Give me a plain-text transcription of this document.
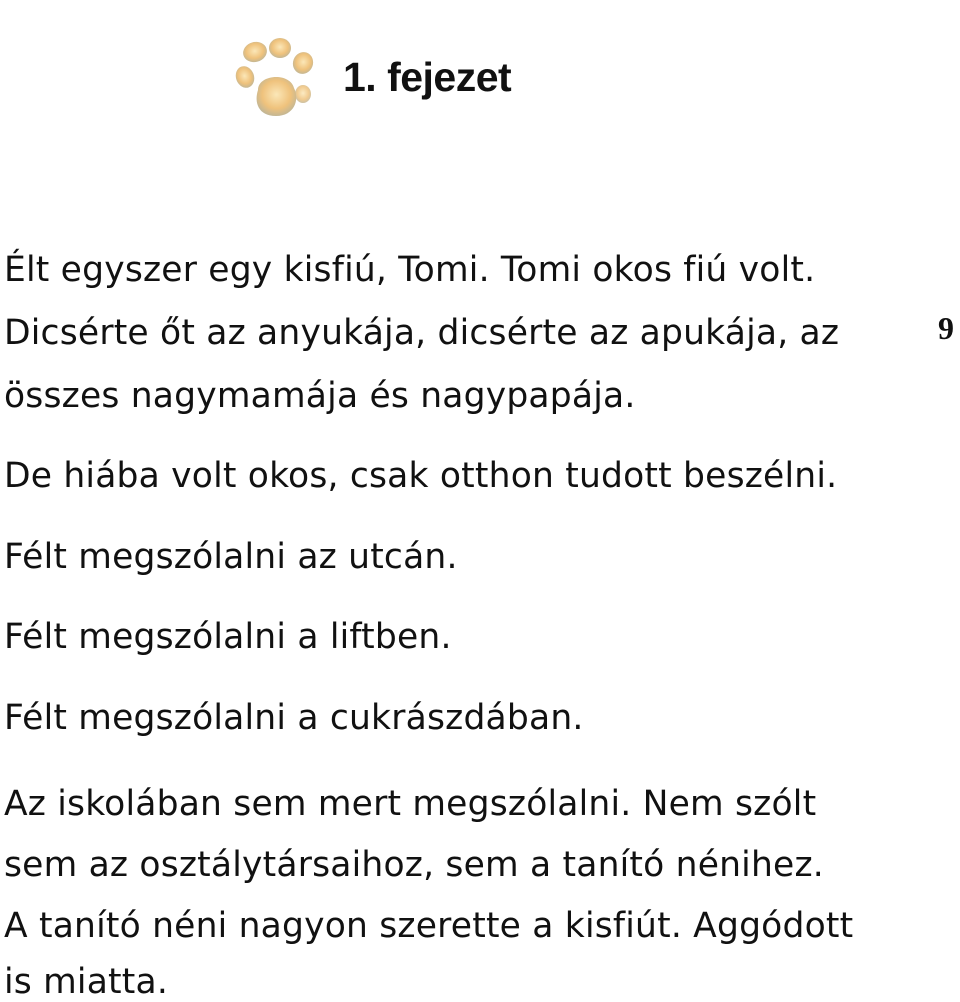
1. fejezet
9
Élt egyszer egy kisfiú, Tomi. Tomi okos fiú volt.
Dicsérte őt az anyukája, dicsérte az apukája, az
összes nagymamája és nagypapája.
De hiába volt okos, csak otthon tudott beszélni.
Félt megszólalni az utcán.
Félt megszólalni a liftben.
Félt megszólalni a cukrászdában.
Az iskolában sem mert megszólalni. Nem szólt
sem az osztálytársaihoz, sem a tanító nénihez.
A tanító néni nagyon szerette a kisfiút. Aggódott
is miatta.
